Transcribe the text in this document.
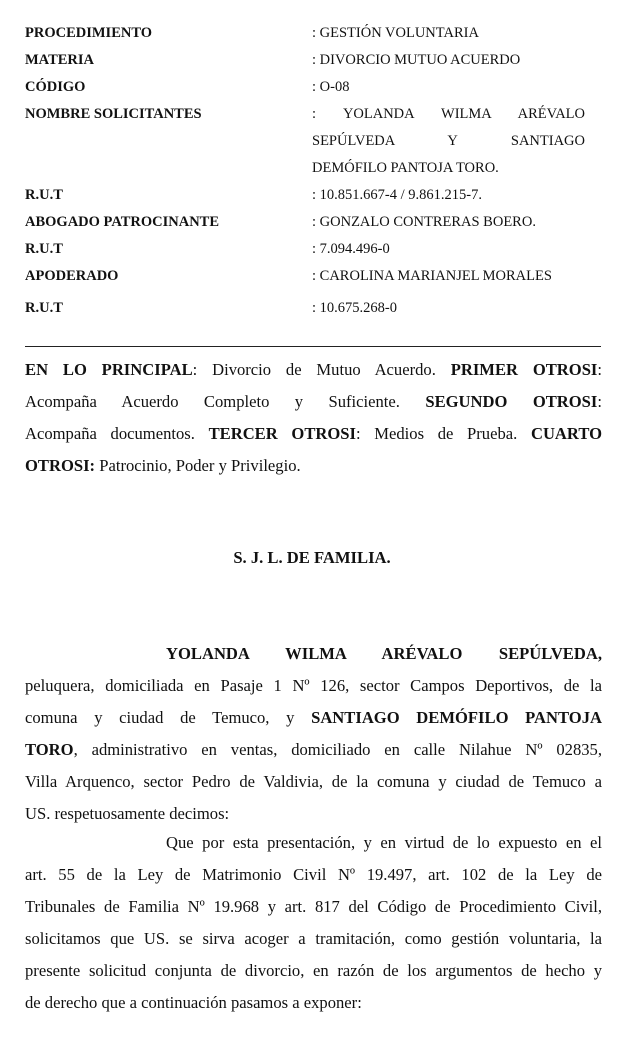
PROCEDIMIENTO	: GESTIÓN VOLUNTARIA
MATERIA	: DIVORCIO MUTUO ACUERDO
CÓDIGO	: O-08
NOMBRE SOLICITANTES	: YOLANDA WILMA ARÉVALO
SEPÚLVEDA Y SANTIAGO
DEMÓFILO PANTOJA TORO.
R.U.T	: 10.851.667-4 / 9.861.215-7.
ABOGADO PATROCINANTE	: GONZALO CONTRERAS BOERO.
R.U.T	: 7.094.496-0
APODERADO	: CAROLINA MARIANJEL MORALES
R.U.T	: 10.675.268-0
EN LO PRINCIPAL: Divorcio de Mutuo Acuerdo. PRIMER OTROSI:
Acompaña Acuerdo Completo y Suficiente. SEGUNDO OTROSI:
Acompaña documentos. TERCER OTROSI: Medios de Prueba. CUARTO
OTROSI: Patrocinio, Poder y Privilegio.
S. J. L. DE FAMILIA.
YOLANDA WILMA ARÉVALO SEPÚLVEDA,
peluquera, domiciliada en Pasaje 1 Nº 126, sector Campos Deportivos, de la
comuna y ciudad de Temuco, y SANTIAGO DEMÓFILO PANTOJA
TORO, administrativo en ventas, domiciliado en calle Nilahue Nº 02835,
Villa Arquenco, sector Pedro de Valdivia, de la comuna y ciudad de Temuco a
US. respetuosamente decimos:
Que por esta presentación, y en virtud de lo expuesto en el
art. 55 de la Ley de Matrimonio Civil Nº 19.497, art. 102 de la Ley de
Tribunales de Familia Nº 19.968 y art. 817 del Código de Procedimiento Civil,
solicitamos que US. se sirva acoger a tramitación, como gestión voluntaria, la
presente solicitud conjunta de divorcio, en razón de los argumentos de hecho y
de derecho que a continuación pasamos a exponer:
